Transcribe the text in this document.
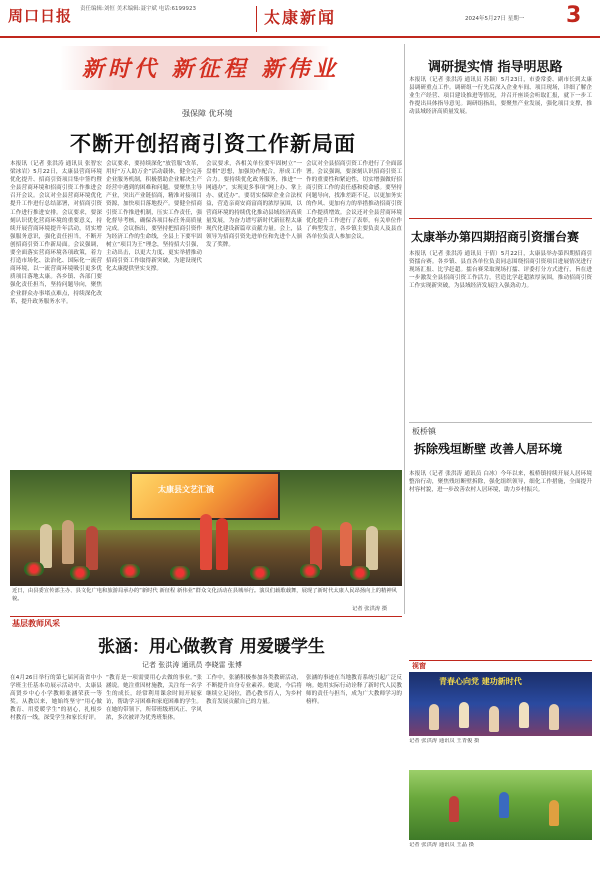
周口日报 责任编辑:刘恒 美术编辑:聂宇斌 电话:6199923	太康新闻	2024年5月27日 星期一 3
新时代 新征程 新伟业
强保障 优环境
不断开创招商引资工作新局面
本报讯（记者 张洪涛 通讯员 张智宏 梁冰岩）5月22日，太康县营商环境优化提升、招商引资项目集中签约暨全县营商环境和招商引资工作推进会召开会议。会议对全县营商环境优化提升工作进行总结部署，对招商引资工作进行推进安排。会议要求，要深刻认识优化营商环境的重要意义，持续开展营商环境提升年活动，切实增强服务意识，强化责任担当，不断开创招商引资工作新局面。会议强调，要全面落实营商环境各项政策，着力打造市场化、法治化、国际化一流营商环境，以一流营商环境吸引更多优质项目落地太康。各乡镇、各部门要强化责任担当，坚持问题导向，聚焦企业群众办事堵点难点，持续深化改革，提升政务服务水平。
会议要求，要持续深化“放管服”改革，用好“万人助万企”活动载体，健全完善企业服务机制，积极帮助企业解决生产经营中遇到的困难和问题。要聚焦主导产业，突出产业链招商，精准对接项目资源，加快项目落地投产。要健全招商引资工作推进机制，压实工作责任，强化督导考核，确保各项目标任务高质量完成。会议指出，要坚持把招商引资作为经济工作的生命线，全县上下要牢固树立“项目为王”理念，坚持招大引强，主动出击，以更大力度、更实举措推动招商引资工作取得新突破，为建设现代化太康提供坚实支撑。
会议要求，各相关单位要牢固树立“一盘棋”思想，加强协作配合，形成工作合力。要持续优化政务服务，推进“一网通办”，实现更多事项“网上办、掌上办、就近办”。要切实保障企业合法权益，营造亲商安商富商的浓厚氛围，以营商环境的持续优化推动县域经济高质量发展，为奋力谱写新时代新征程太康现代化建设新篇章贡献力量。会上，县领导为招商引资先进单位和先进个人颁发了奖牌。
会议对全县招商引资工作进行了全面部署。会议强调，要深刻认识招商引资工作的重要性和紧迫性，切实增强做好招商引资工作的责任感和使命感。要坚持问题导向，找准差距不足，以更加务实的作风、更加有力的举措推动招商引资工作提质增效。会议还对全县营商环境优化提升工作进行了表彰，有关单位作了典型发言，各乡镇主要负责人及县直各单位负责人参加会议。
调研提实情 指导明思路
本报讯（记者 张洪涛 通讯员 苏颖）5月23日，市委常委、副市长到太康县调研重点工作。调研组一行先后深入企业车间、项目现场，详细了解企业生产经营、项目建设推进等情况，并召开座谈会听取汇报，就下一步工作提出具体指导意见。调研组指出，要聚焦产业发展，强化项目支撑，推动县域经济高质量发展。
太康举办第四期招商引资擂台赛
本报讯（记者 张洪涛 通讯员 于倩）5月22日，太康县举办第四期招商引资擂台赛。各乡镇、县直各单位负责同志围绕招商引资项目进展情况进行现场汇报、比学赶超。擂台赛采取现场打擂、评委打分方式进行，旨在进一步激发全县招商引资工作活力，营造比学赶超浓厚氛围，推动招商引资工作实现新突破，为县域经济发展注入强劲动力。
板桥镇
拆除残垣断壁 改善人居环境
本报讯（记者 张洪涛 通讯员 白冰）今年以来，板桥镇持续开展人居环境整治行动，聚焦残垣断壁拆除，强化组织领导，细化工作措施，全面提升村容村貌，进一步改善农村人居环境，助力乡村振兴。
太康县文艺汇演
近日，由县委宣传部主办、县文化广电和旅游局承办的“新时代 新征程 新伟业”群众文化活动在县城举行。演员们载歌载舞，展现了新时代太康人民昂扬向上的精神风貌。
记者 张洪涛 摄
基层教师风采
张涵：用心做教育 用爱暖学生
记者 张洪涛 通讯员 李晓雷 张博
在4月26日举行的第七届河南省中小学班主任基本功展示活动中，太康县高贤乡中心小学教师张涵荣获一等奖。从教以来，她始终坚守“用心做教育、用爱暖学生”的初心，扎根乡村教育一线，深受学生和家长好评。
“教育是一项需要用心去做的事业。”张涵说。她注重因材施教，关注每一名学生的成长，经常利用课余时间开展家访，帮助学习困难和家庭困难的学生。在她的带领下，所带班级班风正、学风浓，多次被评为优秀班集体。
工作中，张涵积极参加各类教研活动，不断提升自身专业素养。她说，今后将继续立足岗位，潜心教书育人，为乡村教育发展贡献自己的力量。
张涵的事迹在当地教育系统引起广泛反响。她用实际行动诠释了新时代人民教师的责任与担当，成为广大教师学习的榜样。
视窗
青春心向党 建功新时代
记者 张洪涛 通讯员 王青俊 摄
记者 张洪涛 通讯员 王晶 摄
